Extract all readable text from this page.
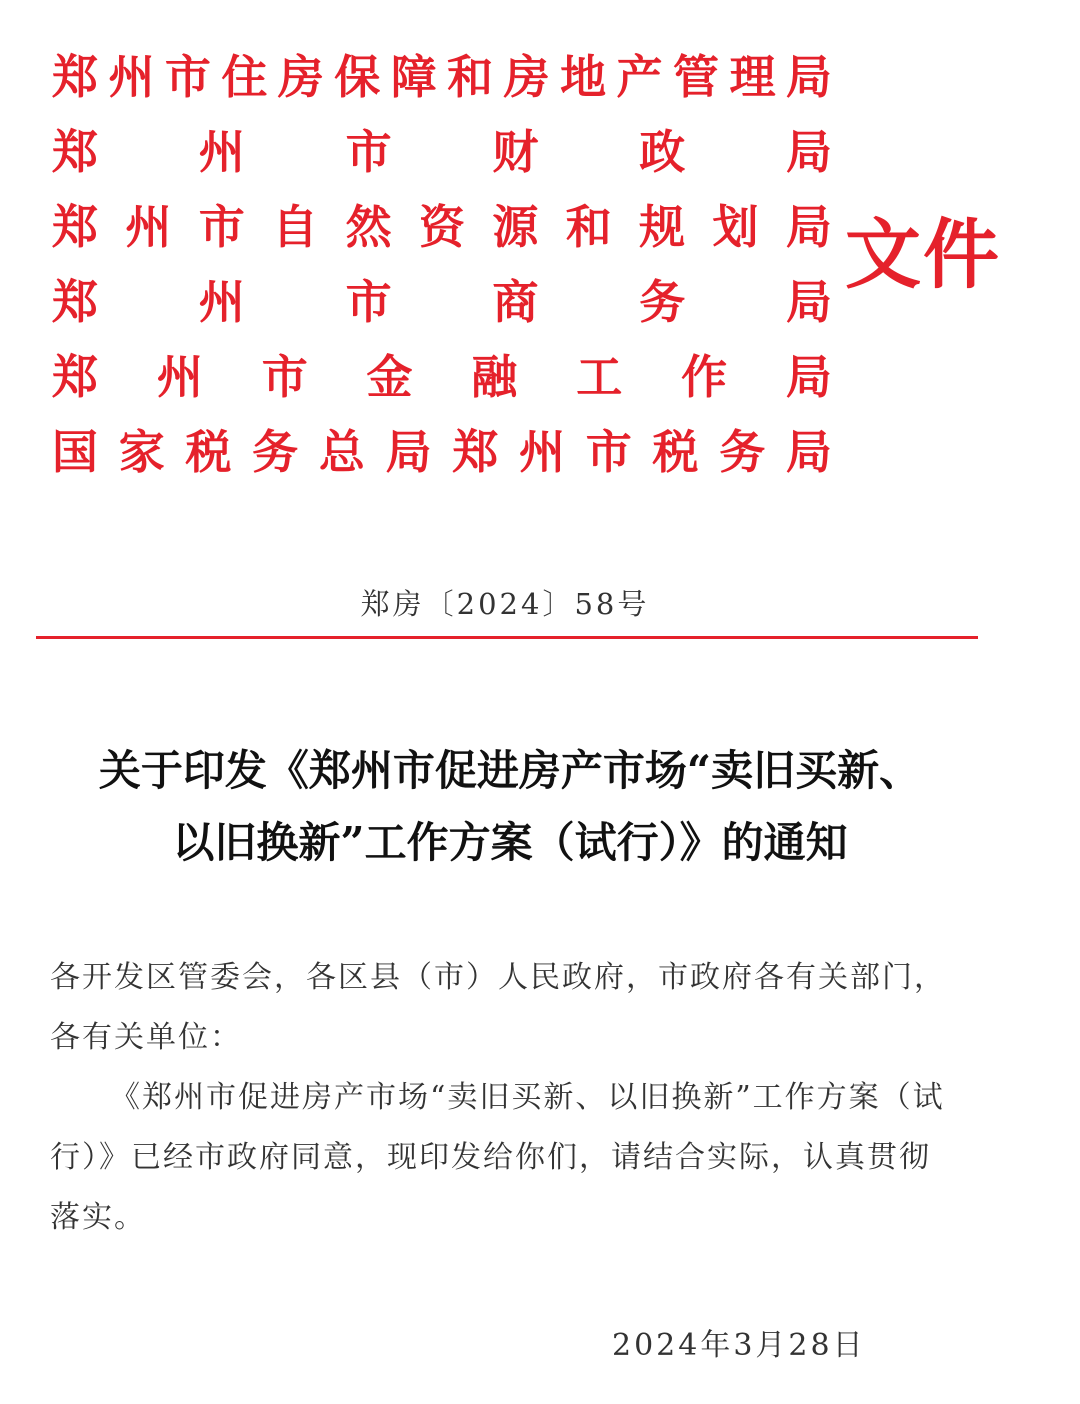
郑 州 市 住 房 保 障 和 房 地 产 管 理 局
郑 州 市 财 政 局
郑 州 市 自 然 资 源 和 规 划 局
郑 州 市 商 务 局
郑 州 市 金 融 工 作 局
国 家 税 务 总 局 郑 州 市 税 务 局
文件
郑房〔2024〕58号
关于印发《郑州市促进房产市场“卖旧买新、
以旧换新”工作方案（试行）》的通知

各开发区管委会，各区县（市）人民政府，市政府各有关部门，各有关单位：

《郑州市促进房产市场“卖旧买新、以旧换新”工作方案（试行）》已经市政府同意，现印发给你们，请结合实际，认真贯彻落实。

2024年3月28日
